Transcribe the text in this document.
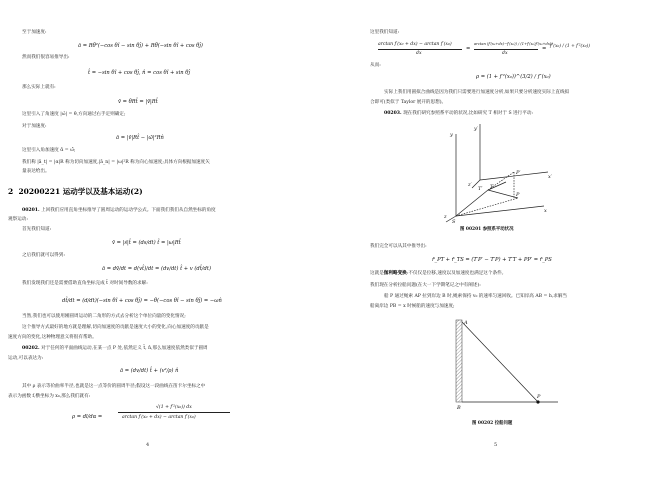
至于加速度:
ā = Rθ̈²(−cos θî − sin θĵ) + Rθ̈(−sin θî + cos θĵ)
然而我们很容易推导出:
t̂ = −sin θî + cos θĵ, n̂ = cos θî + sin θĵ
那么实际上就有:
v̄ = θ̇Rt̂ = |v̄|Rt̂
这里引入了角速度 |ω̄| = θ̇,方向通过右手定则确定;
对于加速度:
ā = |v̄|Rt̂ − |ω̄|²Rn̂
这里引入角加速度 ᾱ = ω̄̇;
我们称 |ā_t| = |α|R 称为切向加速度,|ā_n| = |ω|²R 称为向心加速度;具体方向根据加速度矢
量表达给出。
2 20200221 运动学以及基本运动(2)
00201. 上回我们应用直角坐标推导了圆周运动的运动学公式。下面我们我们从自然坐标的角度
观察运动:
首先我们知道:
v̄ = |ṡ|t̂ = (ds/dt) t̂ = |ω|Rt̂
之后我们就可以得到:
ā = dv̄/dt = d(vt̂)/dt = (dv/dt) t̂ + v (dt̂/dt)
我们发现我们还是需要借助直角坐标完成 t̂ 对时间导数的求解:
dt̂/dt = (d/dt)(−sin θî + cos θĵ) = −θ̇(−cos θî − sin θĵ) = −ωn̂
当然,我们也可以使用刚圆周运动的二角形的方式去分析这个单位向量的变化情况;
这个推导方式最好的地方就是理解,切向加速度的贡献是速度大小的变化,向心加速度的贡献是
速度方向的变化,这种物理意义将很有帮助。
00202. 对于任何的平面曲线运动,在某一点 P 处,依然定义 t̂, n̂,那么加速度依然类似于圆周
运动,可以表达为:
ā = (dv/dt) t̂ + (v²/ρ) n̂
其中 ρ 表示等价曲率半径,也就是这一点等价的圆周半径;假设这一段曲线在笛卡尔坐标之中
表示为函数 f,横坐标为 x₀,那么我们就有:
ρ = dl/dα =
√(1 + f′²(x₀)) dx
arctan f′(x₀ + dx) − arctan f′(x₀)
4
这里我们知道:
arctan f′(x₀ + dx) − arctan f′(x₀)
dx
=
arctan (f′(x₀+dx)−f′(x₀)) / (1+f′(x₀)f′(x₀+dx))
dx
= f″(x₀) / (1 + f′²(x₀))
从而:
ρ = (1 + f′²(x₀))^(3/2) / f″(x₀)
实际上我们用圆拟合曲线是因为我们只需要进行加速度分析,如果只要分析速度实际上直线拟
合即可(类似于 Taylor 展开的思想)。
00203. 现在我们研究参照系平动的状况,比如研究 T 相对于 S 进行平动:
y
y′
x
x′
z
z′	T
T′
P
P′
S
图 00201 参照系平动状况
我们完全可以从其中推导出:
r̄_PT + r̄_TS = (T′P′ − T′P) + T′T + PP′ = r̄_PS
这就是伽利略变换:不仅仅是位移,速度以及加速度也满足这个条件。
我们现在分析拉船问题(在大一下学期笔记之中有阐述):
船 P 通过绳索 AP 拉到岸边 B 时,绳索保持 v₀ 的速率匀速回收。已知岸高 AB = h,求解当
船离岸边 PB = x 时候船的速度与加速度;
A
B
P
图 00202 拉船问题
5
